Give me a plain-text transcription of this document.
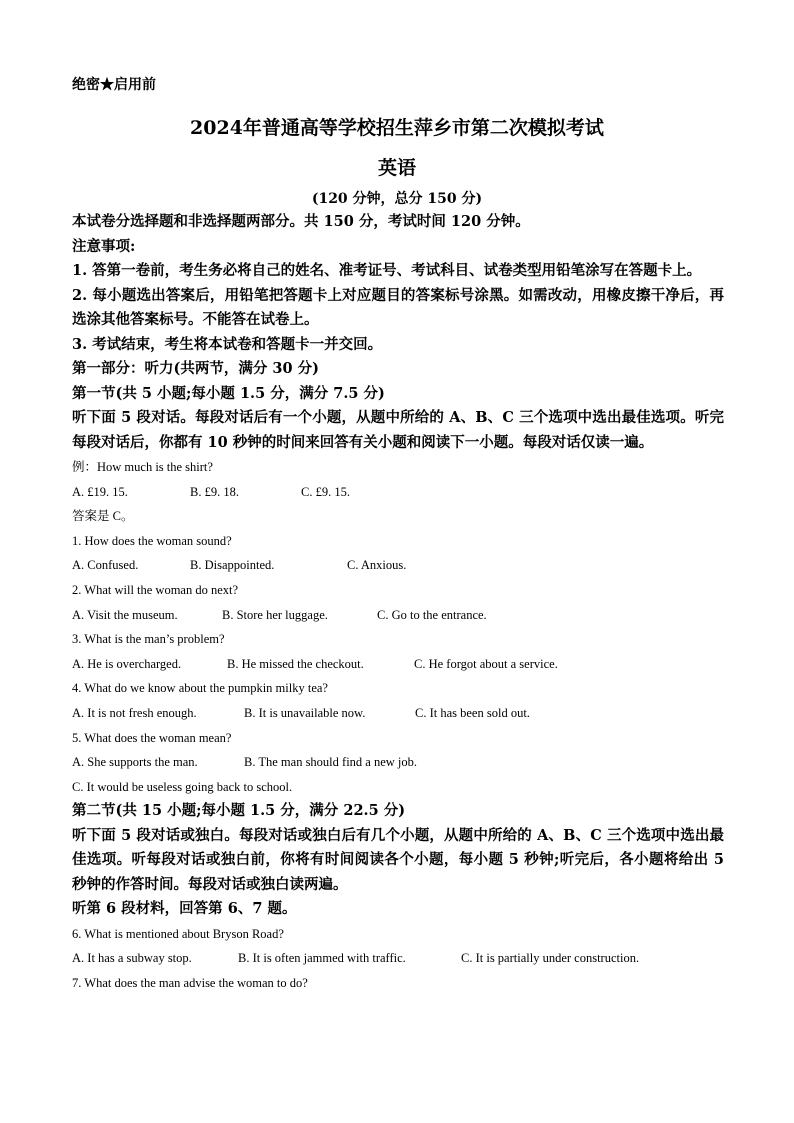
绝密★启用前
2024年普通高等学校招生萍乡市第二次模拟考试
英语
(120 分钟，总分 150 分)

本试卷分选择题和非选择题两部分。共 150 分，考试时间 120 分钟。

注意事项:

1. 答第一卷前，考生务必将自己的姓名、准考证号、考试科目、试卷类型用铅笔涂写在答题卡上。

2. 每小题选出答案后，用铅笔把答题卡上对应题目的答案标号涂黑。如需改动，用橡皮擦干净后，再选涂其他答案标号。不能答在试卷上。

3. 考试结束，考生将本试卷和答题卡一并交回。

第一部分：听力(共两节，满分 30 分)

第一节(共 5 小题;每小题 1.5 分，满分 7.5 分)

听下面 5 段对话。每段对话后有一个小题，从题中所给的 A、B、C 三个选项中选出最佳选项。听完每段对话后，你都有 10 秒钟的时间来回答有关小题和阅读下一小题。每段对话仅读一遍。

例：How much is the shirt?

A. £19. 15.	B. £9. 18.	C. £9. 15.

答案是 C。

1. How does the woman sound?

A. Confused.	B. Disappointed.	C. Anxious.

2. What will the woman do next?

A. Visit the museum.	B. Store her luggage.	C. Go to the entrance.

3. What is the man’s problem?

A. He is overcharged.	B. He missed the checkout.	C. He forgot about a service.

4. What do we know about the pumpkin milky tea?

A. It is not fresh enough.	B. It is unavailable now.	C. It has been sold out.

5. What does the woman mean?

A. She supports the man.	B. The man should find a new job.

C. It would be useless going back to school.

第二节(共 15 小题;每小题 1.5 分，满分 22.5 分)

听下面 5 段对话或独白。每段对话或独白后有几个小题，从题中所给的 A、B、C 三个选项中选出最佳选项。听每段对话或独白前，你将有时间阅读各个小题，每小题 5 秒钟;听完后，各小题将给出 5 秒钟的作答时间。每段对话或独白读两遍。

听第 6 段材料，回答第 6、7 题。

6. What is mentioned about Bryson Road?

A. It has a subway stop.	B. It is often jammed with traffic.	C. It is partially under construction.

7. What does the man advise the woman to do?
